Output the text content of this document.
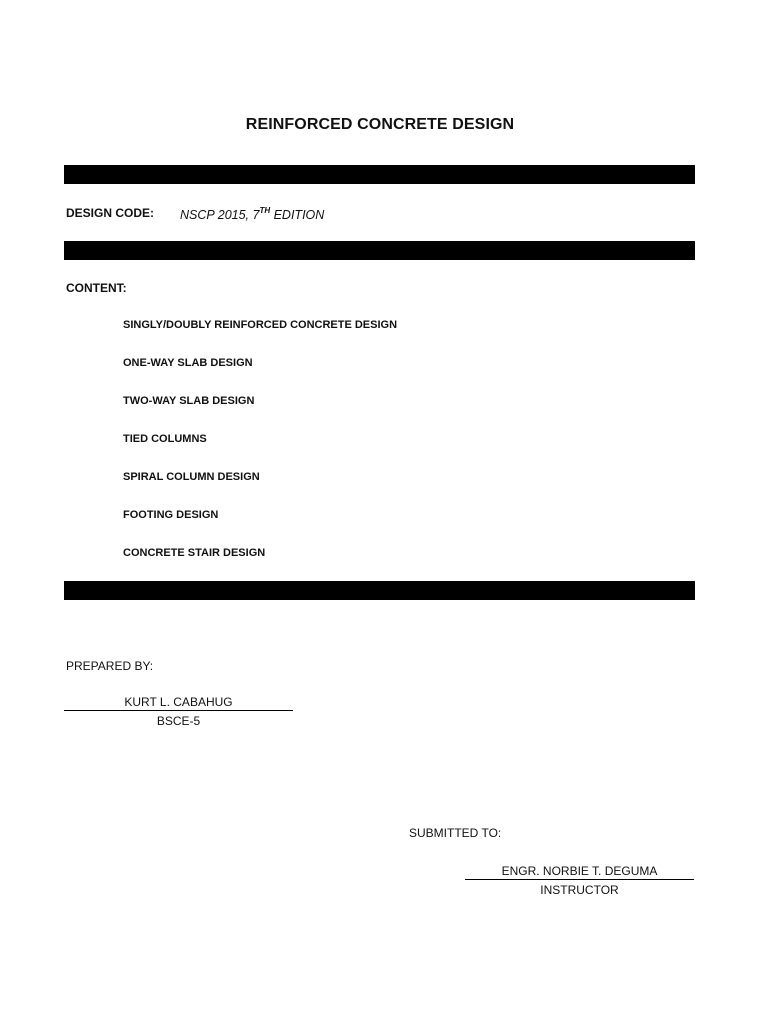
REINFORCED CONCRETE DESIGN
DESIGN CODE: NSCP 2015, 7TH EDITION
CONTENT:
SINGLY/DOUBLY REINFORCED CONCRETE DESIGN
ONE-WAY SLAB DESIGN
TWO-WAY SLAB DESIGN
TIED COLUMNS
SPIRAL COLUMN DESIGN
FOOTING DESIGN
CONCRETE STAIR DESIGN
PREPARED BY:
KURT L. CABAHUG
BSCE-5
SUBMITTED TO:
ENGR. NORBIE T. DEGUMA
INSTRUCTOR
